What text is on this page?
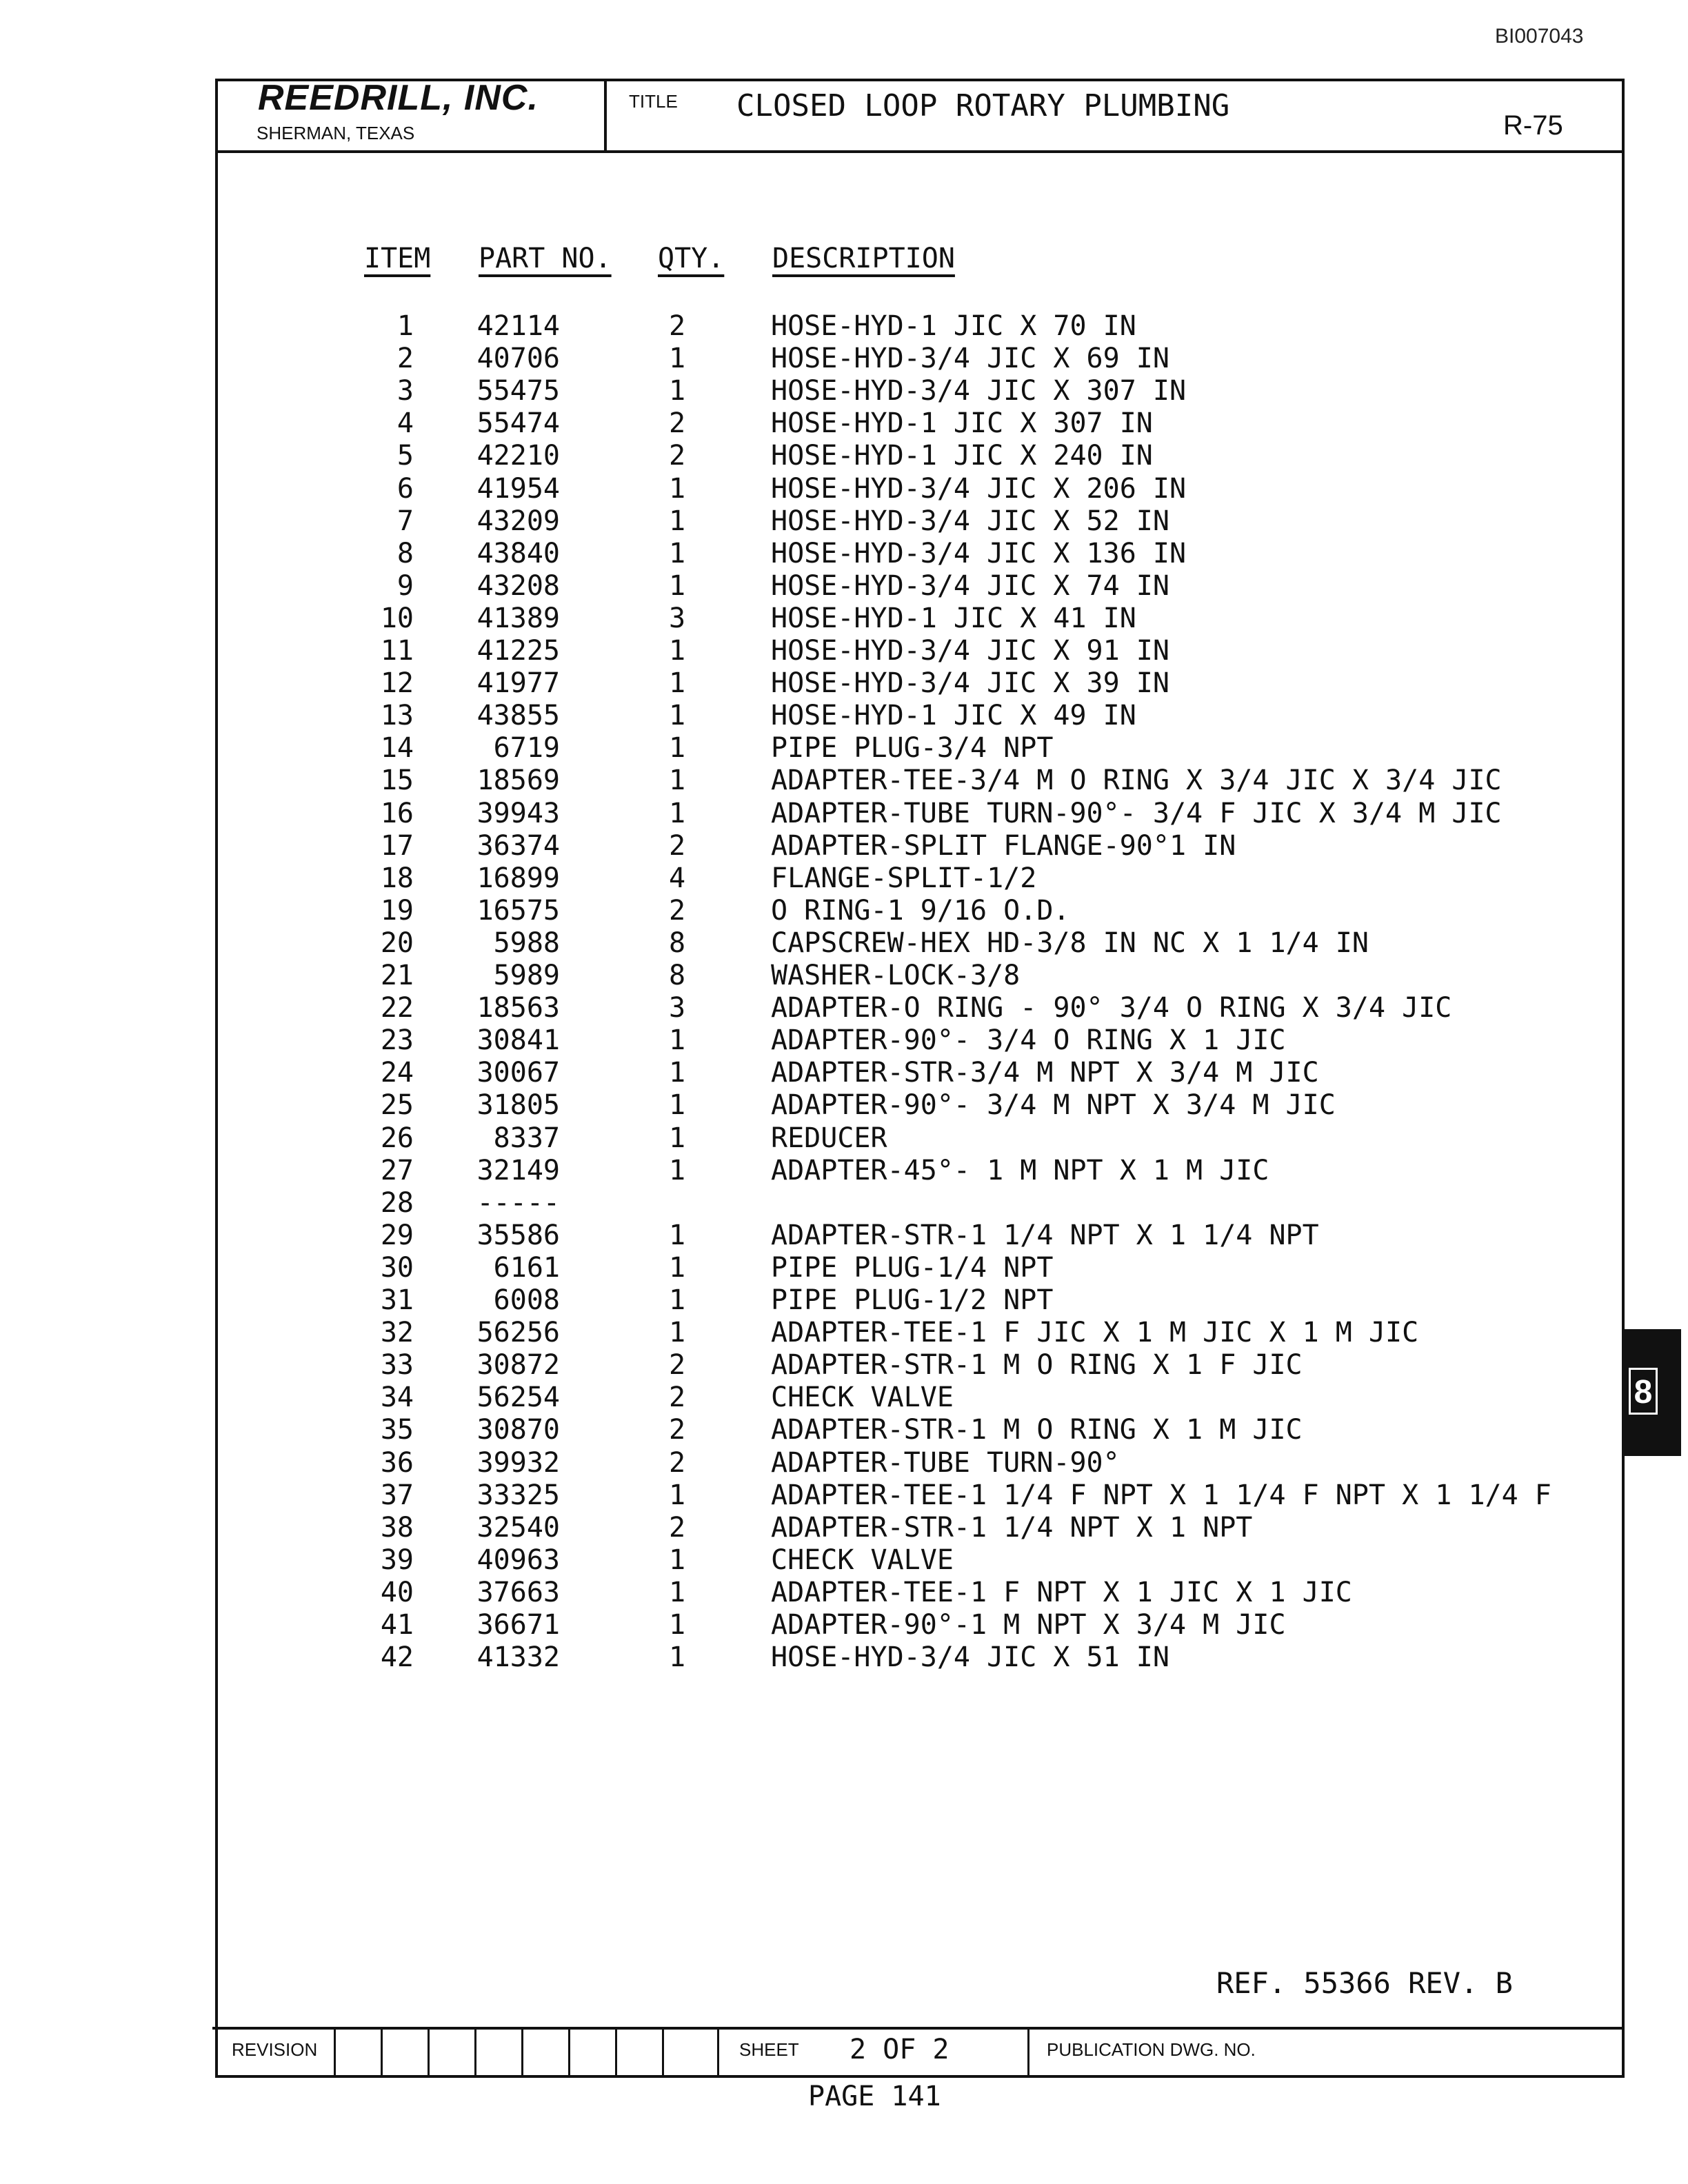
BI007043
REEDRILL, INC.
SHERMAN, TEXAS
TITLE CLOSED LOOP ROTARY PLUMBING
R-75
ITEM PART NO. QTY. DESCRIPTION
1	42114	2	HOSE-HYD-1 JIC X 70 IN
2	40706	1	HOSE-HYD-3/4 JIC X 69 IN
3	55475	1	HOSE-HYD-3/4 JIC X 307 IN
4	55474	2	HOSE-HYD-1 JIC X 307 IN
5	42210	2	HOSE-HYD-1 JIC X 240 IN
6	41954	1	HOSE-HYD-3/4 JIC X 206 IN
7	43209	1	HOSE-HYD-3/4 JIC X 52 IN
8	43840	1	HOSE-HYD-3/4 JIC X 136 IN
9	43208	1	HOSE-HYD-3/4 JIC X 74 IN
10	41389	3	HOSE-HYD-1 JIC X 41 IN
11	41225	1	HOSE-HYD-3/4 JIC X 91 IN
12	41977	1	HOSE-HYD-3/4 JIC X 39 IN
13	43855	1	HOSE-HYD-1 JIC X 49 IN
14	6719	1	PIPE PLUG-3/4 NPT
15	18569	1	ADAPTER-TEE-3/4 M O RING X 3/4 JIC X 3/4 JIC
16	39943	1	ADAPTER-TUBE TURN-90°- 3/4 F JIC X 3/4 M JIC
17	36374	2	ADAPTER-SPLIT FLANGE-90°1 IN
18	16899	4	FLANGE-SPLIT-1/2
19	16575	2	O RING-1 9/16 O.D.
20	5988	8	CAPSCREW-HEX HD-3/8 IN NC X 1 1/4 IN
21	5989	8	WASHER-LOCK-3/8
22	18563	3	ADAPTER-O RING - 90° 3/4 O RING X 3/4 JIC
23	30841	1	ADAPTER-90°- 3/4 O RING X 1 JIC
24	30067	1	ADAPTER-STR-3/4 M NPT X 3/4 M JIC
25	31805	1	ADAPTER-90°- 3/4 M NPT X 3/4 M JIC
26	8337	1	REDUCER
27	32149	1	ADAPTER-45°- 1 M NPT X 1 M JIC
28	-----
29	35586	1	ADAPTER-STR-1 1/4 NPT X 1 1/4 NPT
30	6161	1	PIPE PLUG-1/4 NPT
31	6008	1	PIPE PLUG-1/2 NPT
32	56256	1	ADAPTER-TEE-1 F JIC X 1 M JIC X 1 M JIC
33	30872	2	ADAPTER-STR-1 M O RING X 1 F JIC
34	56254	2	CHECK VALVE
35	30870	2	ADAPTER-STR-1 M O RING X 1 M JIC
36	39932	2	ADAPTER-TUBE TURN-90°
37	33325	1	ADAPTER-TEE-1 1/4 F NPT X 1 1/4 F NPT X 1 1/4 F
38	32540	2	ADAPTER-STR-1 1/4 NPT X 1 NPT
39	40963	1	CHECK VALVE
40	37663	1	ADAPTER-TEE-1 F NPT X 1 JIC X 1 JIC
41	36671	1	ADAPTER-90°-1 M NPT X 3/4 M JIC
42	41332	1	HOSE-HYD-3/4 JIC X 51 IN
REF. 55366 REV. B
REVISION	SHEET 2 OF 2	PUBLICATION DWG. NO.
PAGE 141
8
